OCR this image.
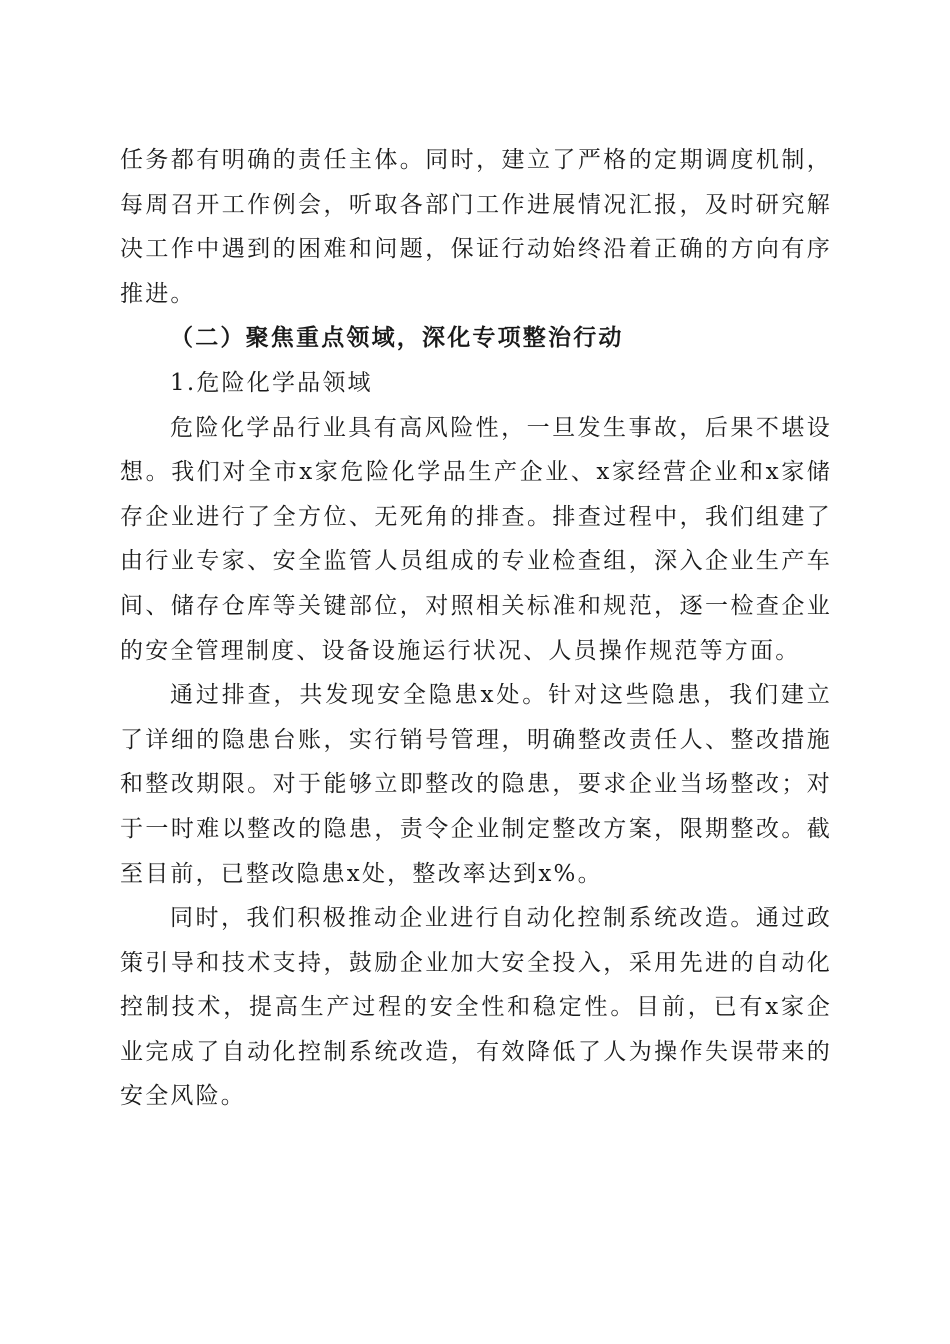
任务都有明确的责任主体。同时，建立了严格的定期调度机制，每周召开工作例会，听取各部门工作进展情况汇报，及时研究解决工作中遇到的困难和问题，保证行动始终沿着正确的方向有序推进。

（二）聚焦重点领域，深化专项整治行动

1.危险化学品领域

危险化学品行业具有高风险性，一旦发生事故，后果不堪设想。我们对全市x家危险化学品生产企业、x家经营企业和x家储存企业进行了全方位、无死角的排查。排查过程中，我们组建了由行业专家、安全监管人员组成的专业检查组，深入企业生产车间、储存仓库等关键部位，对照相关标准和规范，逐一检查企业的安全管理制度、设备设施运行状况、人员操作规范等方面。

通过排查，共发现安全隐患x处。针对这些隐患，我们建立了详细的隐患台账，实行销号管理，明确整改责任人、整改措施和整改期限。对于能够立即整改的隐患，要求企业当场整改；对于一时难以整改的隐患，责令企业制定整改方案，限期整改。截至目前，已整改隐患x处，整改率达到x%。

同时，我们积极推动企业进行自动化控制系统改造。通过政策引导和技术支持，鼓励企业加大安全投入，采用先进的自动化控制技术，提高生产过程的安全性和稳定性。目前，已有x家企业完成了自动化控制系统改造，有效降低了人为操作失误带来的安全风险。
